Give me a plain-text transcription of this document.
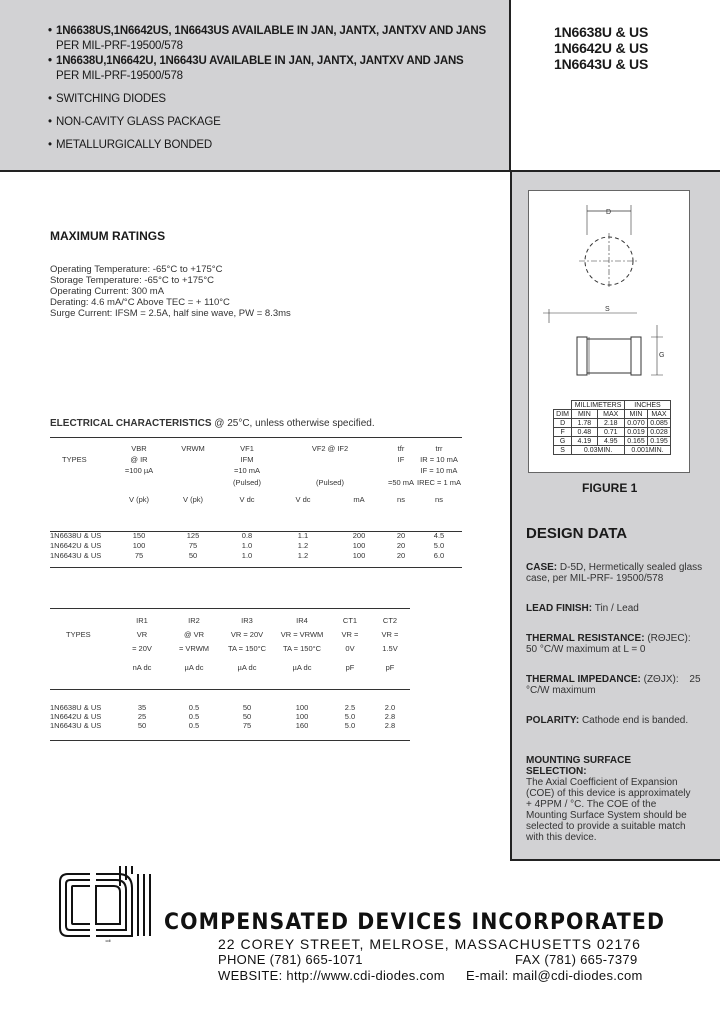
• 1N6638US,1N6642US, 1N6643US AVAILABLE IN JAN, JANTX, JANTXV AND JANS
PER MIL-PRF-19500/578
• 1N6638U,1N6642U, 1N6643U AVAILABLE IN JAN, JANTX, JANTXV AND JANS
PER MIL-PRF-19500/578
• SWITCHING DIODES
• NON-CAVITY GLASS PACKAGE
• METALLURGICALLY BONDED
1N6638U & US
1N6642U & US
1N6643U & US
MAXIMUM RATINGS
Operating Temperature: -65°C to +175°C
Storage Temperature: -65°C to +175°C
Operating Current: 300 mA
Derating: 4.6 mA/°C Above TEC = + 110°C
Surge Current: IFSM = 2.5A, half sine wave, PW = 8.3ms
ELECTRICAL CHARACTERISTICS @ 25°C, unless otherwise specified.
	VBR	VRWM	VF1	VF2 @ IF2		tfr	trr
TYPES	@ IR		IFM			IF	IR = 10 mA
	=100 µA		=10 mA				IF = 10 mA
			(Pulsed)	(Pulsed)		=50 mA	IREC = 1 mA
	V (pk)	V (pk)	V dc	V dc	mA	ns	ns
1N6638U & US	150	125	0.8	1.1	200	20	4.5
1N6642U & US	100	75	1.0	1.2	100	20	5.0
1N6643U & US	75	50	1.0	1.2	100	20	6.0
	IR1	IR2	IR3	IR4	CT1	CT2
TYPES	VR	@ VR	VR = 20V	VR = VRWM	VR =	VR =
	= 20V	= VRWM	TA = 150°C	TA = 150°C	0V	1.5V
	nA dc	µA dc	µA dc	µA dc	pF	pF
1N6638U & US	35	0.5	50	100	2.5	2.0
1N6642U & US	25	0.5	50	100	5.0	2.8
1N6643U & US	50	0.5	75	160	5.0	2.8
D
S
G
	MILLIMETERS		INCHES	
DIM	MIN	MAX	MIN	MAX
D	1.78	2.18	0.070	0.085
F	0.48	0.71	0.019	0.028
G	4.19	4.95	0.165	0.195
S	0.03MIN.		0.001MIN.	
FIGURE 1
DESIGN DATA
CASE: D-5D, Hermetically sealed glass case, per MIL-PRF- 19500/578
LEAD FINISH: Tin / Lead
THERMAL RESISTANCE: (RΘJEC):
50 °C/W maximum at L = 0
THERMAL IMPEDANCE: (ZΘJX): 25
°C/W maximum
POLARITY: Cathode end is banded.
MOUNTING SURFACE SELECTION:
The Axial Coefficient of Expansion (COE) of this device is approximately + 4PPM / °C. The COE of the Mounting Surface System should be selected to provide a suitable match with this device.
cdi
COMPENSATED DEVICES INCORPORATED
22 COREY STREET, MELROSE, MASSACHUSETTS 02176
PHONE (781) 665-1071	FAX (781) 665-7379
WEBSITE: http://www.cdi-diodes.com E-mail: mail@cdi-diodes.com
